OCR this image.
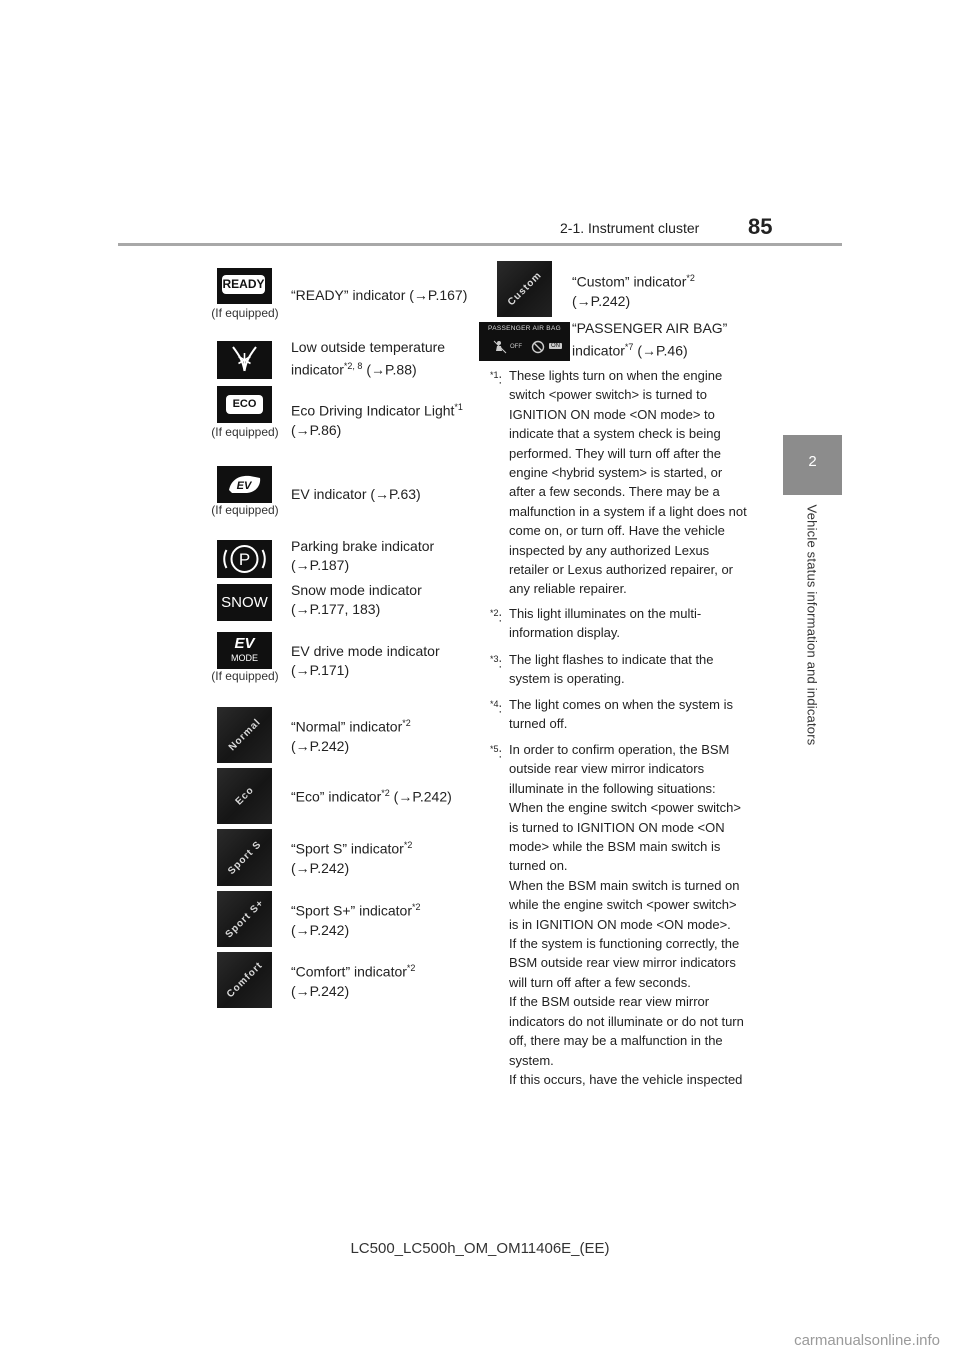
2-1. Instrument cluster 85
2
Vehicle status information and indicators
READY
(If equipped)
“READY” indicator (→P.167)
Low outside temperature indicator$^{*2, 8}$ (→P.88)
ECO
(If equipped)
Eco Driving Indicator Light$^{*1}$
(→P.86)
EV
(If equipped)
EV indicator (→P.63)
P
Parking brake indicator
(→P.187)
SNOW
Snow mode indicator
(→P.177, 183)
EV
MODE
(If equipped)
EV drive mode indicator
(→P.171)
Normal “Normal” indicator$^{*2}$
(→P.242)
Eco	“Eco” indicator$^{*2}$ (→P.242)
Sport S “Sport S” indicator$^{*2}$
(→P.242)
Sport S+ “Sport S+” indicator$^{*2}$
(→P.242)
Comfort “Comfort” indicator$^{*2}$
(→P.242)
Custom “Custom” indicator$^{*2}$
(→P.242)
PASSENGER AIR BAG
OFF	ON
“PASSENGER AIR BAG”
indicator$^{*7}$ (→P.46)
$^{*1}$: These lights turn on when the engine switch <power switch> is turned to IGNITION ON mode <ON mode> to indicate that a system check is being performed. They will turn off after the engine <hybrid system> is started, or after a few seconds. There may be a malfunction in a system if a light does not come on, or turn off. Have the vehicle inspected by any authorized Lexus retailer or Lexus authorized repairer, or any reliable repairer.
$^{*2}$: This light illuminates on the multi-information display.
$^{*3}$: The light flashes to indicate that the system is operating.
$^{*4}$: The light comes on when the system is turned off.
$^{*5}$: In order to confirm operation, the BSM outside rear view mirror indicators illuminate in the following situations:
When the engine switch <power switch> is turned to IGNITION ON mode <ON mode> while the BSM main switch is turned on.
When the BSM main switch is turned on while the engine switch <power switch> is in IGNITION ON mode <ON mode>.
If the system is functioning correctly, the BSM outside rear view mirror indicators will turn off after a few seconds.
If the BSM outside rear view mirror indicators do not illuminate or do not turn off, there may be a malfunction in the system.
If this occurs, have the vehicle inspected
LC500_LC500h_OM_OM11406E_(EE)
carmanualsonline.info
